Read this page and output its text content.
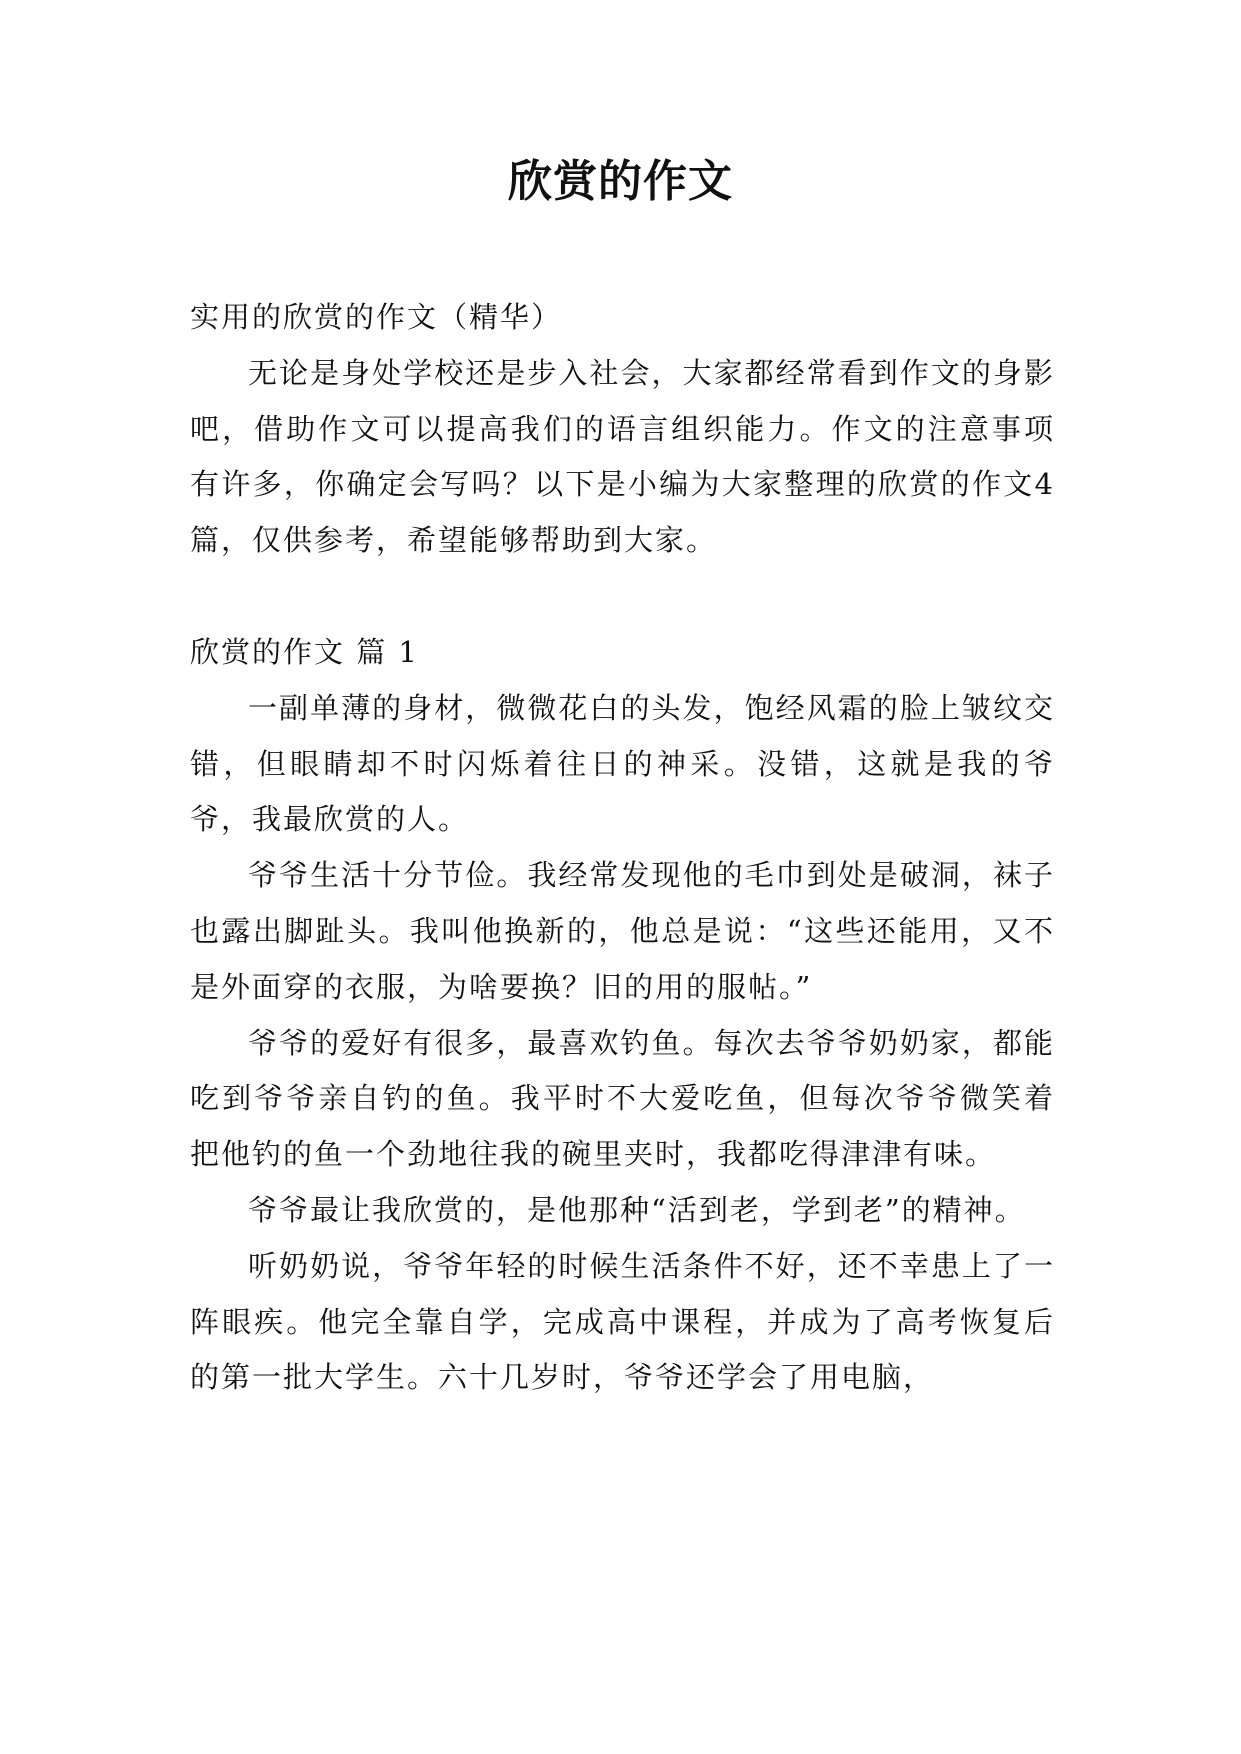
欣赏的作文

实用的欣赏的作文（精华）

无论是身处学校还是步入社会，大家都经常看到作文的身影吧，借助作文可以提高我们的语言组织能力。作文的注意事项有许多，你确定会写吗？以下是小编为大家整理的欣赏的作文4篇，仅供参考，希望能够帮助到大家。

欣赏的作文 篇 1

一副单薄的身材，微微花白的头发，饱经风霜的脸上皱纹交错，但眼睛却不时闪烁着往日的神采。没错，这就是我的爷爷，我最欣赏的人。

爷爷生活十分节俭。我经常发现他的毛巾到处是破洞，袜子也露出脚趾头。我叫他换新的，他总是说：“这些还能用，又不是外面穿的衣服，为啥要换？旧的用的服帖。”

爷爷的爱好有很多，最喜欢钓鱼。每次去爷爷奶奶家，都能吃到爷爷亲自钓的鱼。我平时不大爱吃鱼，但每次爷爷微笑着把他钓的鱼一个劲地往我的碗里夹时，我都吃得津津有味。

爷爷最让我欣赏的，是他那种“活到老，学到老”的精神。

听奶奶说，爷爷年轻的时候生活条件不好，还不幸患上了一阵眼疾。他完全靠自学，完成高中课程，并成为了高考恢复后的第一批大学生。六十几岁时，爷爷还学会了用电脑，
